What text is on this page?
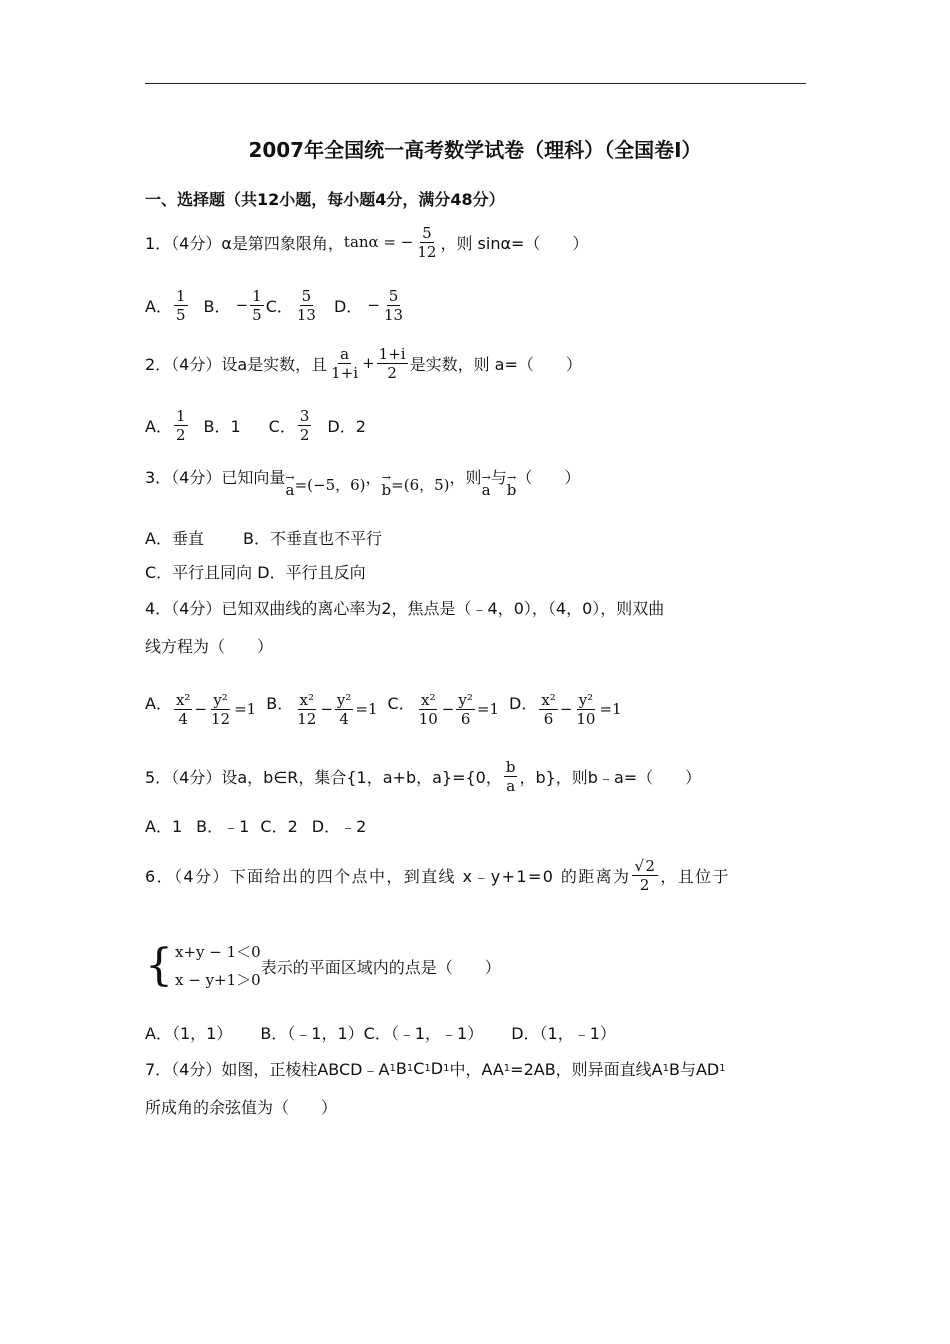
2007年全国统一高考数学试卷（理科）（全国卷Ⅰ）
一、选择题（共12小题，每小题4分，满分48分）
1．（4分）α是第四象限角， tanα = − $\frac{5}{12}$ ，则 sinα=（　　）
A． $\frac{1}{5}$ B．
− $\frac{1}{5}$ C． $\frac{5}{13}$ D．
− $\frac{5}{13}$
2．（4分）设a是实数，且 $\frac{a}{1+i} + \frac{1+i}{2}$ 是实数，则 a=（　　）
A． $\frac{1}{2}$ B．1 C． $\frac{3}{2}$ D．2
3．（4分）已知向量 →
a =(−5，6) ， →
b =(6，5) ，则 →
a
与 →
b
（　　）
A．垂直	B．不垂直也不平行
C．平行且同向
D．平行且反向
4．（4分）已知双曲线的离心率为2，焦点是（﹣4，0），（4，0），则双曲
线方程为（　　）
A． $\frac{\text{x²}}{4} - \frac{\text{y²}}{12} =1$ B． $\frac{\text{x²}}{12} - \frac{\text{y²}}{4} =1$ C． $\frac{\text{x²}}{10} - \frac{\text{y²}}{6} =1$ D． $\frac{\text{x²}}{6} - \frac{\text{y²}}{10} =1$
5．（4分）设a，b∈R，集合{1，a+b，a}={0， $\frac{b}{a}$ ，b}，则b﹣a=（　　）
A．1 B．﹣1
C．2 D．﹣2
6．（4分）下面给出的四个点中，到直线 x﹣y+1=0 的距离为 $\frac{√2}{2}$ ，且位于
{ x+y − 1＜0
x − y+1＞0
表示的平面区域内的点是（　　）
A．（1，1） B．（﹣1，1） C．（﹣1，﹣1） D．（1，﹣1）
7．（4分）如图，正棱柱ABCD﹣A 1 B 1 C 1 D 1 中，AA 1 =2AB，则异面直线A 1 B与AD 1
所成角的余弦值为（　　）
